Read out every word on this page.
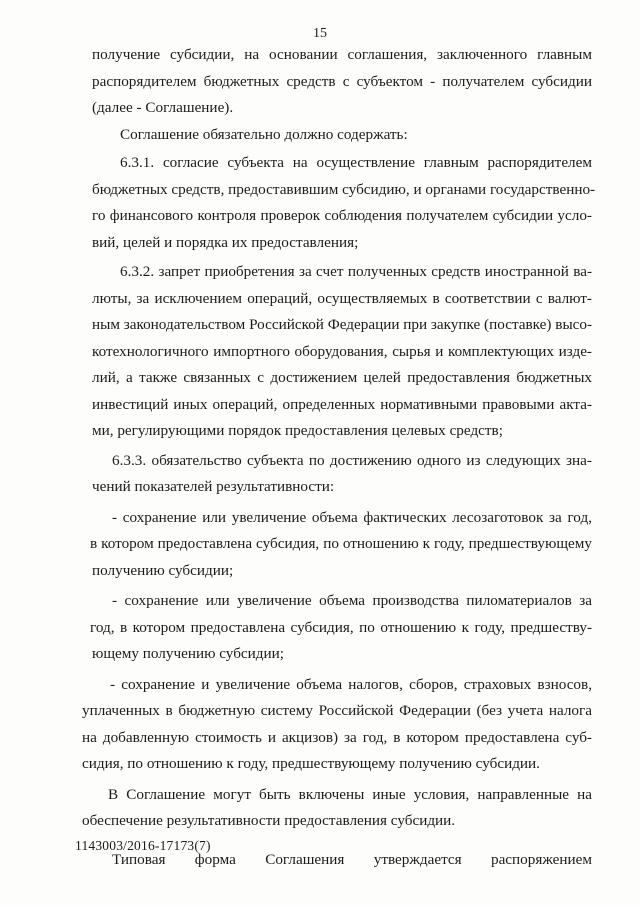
15
получение субсидии, на основании соглашения, заключенного главным
распорядителем бюджетных средств с субъектом - получателем субсидии
(далее - Соглашение).
Соглашение обязательно должно содержать:
6.3.1. согласие субъекта на осуществление главным распорядителем
бюджетных средств, предоставившим субсидию, и органами государственно-
го финансового контроля проверок соблюдения получателем субсидии усло-
вий, целей и порядка их предоставления;
6.3.2. запрет приобретения за счет полученных средств иностранной ва-
люты, за исключением операций, осуществляемых в соответствии с валют-
ным законодательством Российской Федерации при закупке (поставке) высо-
котехнологичного импортного оборудования, сырья и комплектующих изде-
лий, а также связанных с достижением целей предоставления бюджетных
инвестиций иных операций, определенных нормативными правовыми акта-
ми, регулирующими порядок предоставления целевых средств;
6.3.3. обязательство субъекта по достижению одного из следующих зна-
чений показателей результативности:
- сохранение или увеличение объема фактических лесозаготовок за год,
в котором предоставлена субсидия, по отношению к году, предшествующему
получению субсидии;
- сохранение или увеличение объема производства пиломатериалов за
год, в котором предоставлена субсидия, по отношению к году, предшеству-
ющему получению субсидии;
- сохранение и увеличение объема налогов, сборов, страховых взносов,
уплаченных в бюджетную систему Российской Федерации (без учета налога
на добавленную стоимость и акцизов) за год, в котором предоставлена суб-
сидия, по отношению к году, предшествующему получению субсидии.
В Соглашение могут быть включены иные условия, направленные на
обеспечение результативности предоставления субсидии.
Типовая форма Соглашения утверждается распоряжением
1143003/2016-17173(7)
